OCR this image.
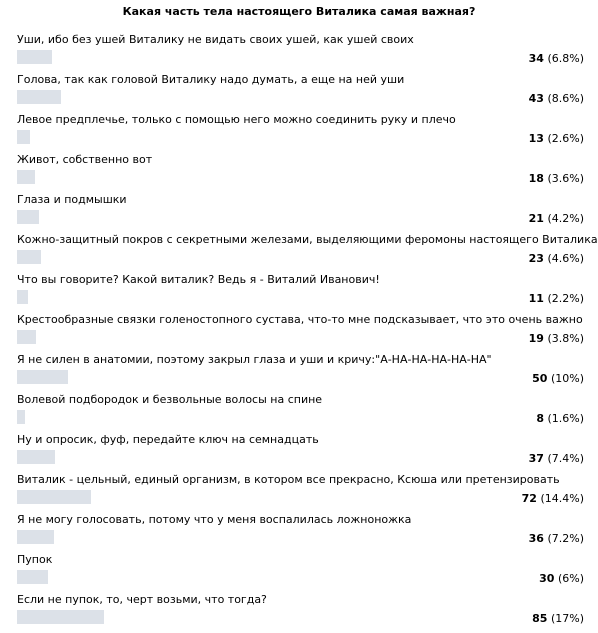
Какая часть тела настоящего Виталика самая важная?
Уши, ибо без ушей Виталику не видать своих ушей, как ушей своих
34 (6.8%)
Голова, так как головой Виталику надо думать, а еще на ней уши
43 (8.6%)
Левое предплечье, только с помощью него можно соединить руку и плечо
13 (2.6%)
Живот, собственно вот
18 (3.6%)
Глаза и подмышки
21 (4.2%)
Кожно-защитный покров с секретными железами, выделяющими феромоны настоящего Виталика
23 (4.6%)
Что вы говорите? Какой виталик? Ведь я - Виталий Иванович!
11 (2.2%)
Крестообразные связки голеностопного сустава, что-то мне подсказывает, что это очень важно
19 (3.8%)
Я не силен в анатомии, поэтому закрыл глаза и уши и кричу:"А-НА-НА-НА-НА-НА"
50 (10%)
Волевой подбородок и безвольные волосы на спине
8 (1.6%)
Ну и опросик, фуф, передайте ключ на семнадцать
37 (7.4%)
Виталик - цельный, единый организм, в котором все прекрасно, Ксюша или претензировать
72 (14.4%)
Я не могу голосовать, потому что у меня воспалилась ложноножка
36 (7.2%)
Пупок
30 (6%)
Если не пупок, то, черт возьми, что тогда?
85 (17%)
